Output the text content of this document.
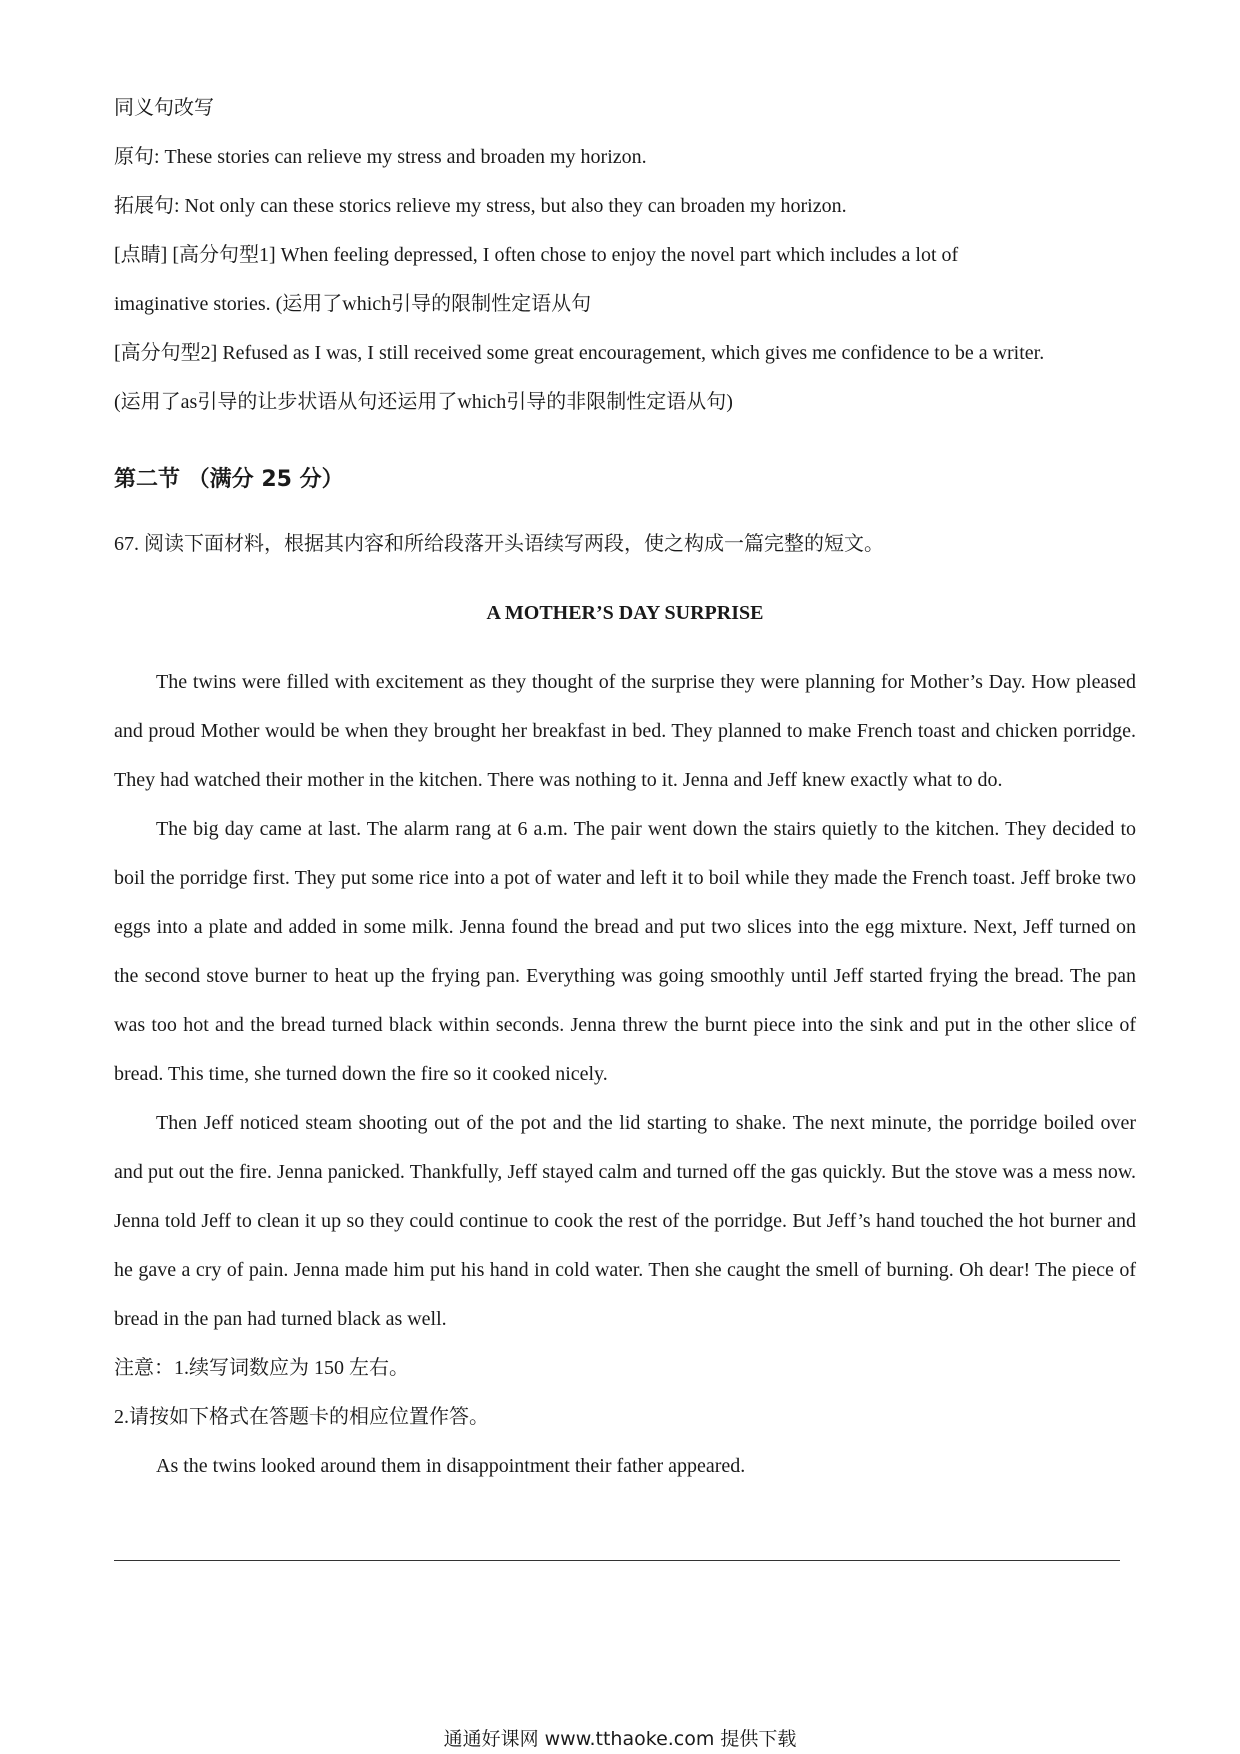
同义句改写

原句: These stories can relieve my stress and broaden my horizon.

拓展句: Not only can these storics relieve my stress, but also they can broaden my horizon.

[点睛] [高分句型1] When feeling depressed, I often chose to enjoy the novel part which includes a lot of

imaginative stories. (运用了which引导的限制性定语从句

[高分句型2] Refused as I was, I still received some great encouragement, which gives me confidence to be a writer.

(运用了as引导的让步状语从句还运用了which引导的非限制性定语从句)

第二节 （满分 25 分）

67. 阅读下面材料，根据其内容和所给段落开头语续写两段，使之构成一篇完整的短文。

A MOTHER’S DAY SURPRISE

The twins were filled with excitement as they thought of the surprise they were planning for Mother’s Day. How pleased and proud Mother would be when they brought her breakfast in bed. They planned to make French toast and chicken porridge. They had watched their mother in the kitchen. There was nothing to it. Jenna and Jeff knew exactly what to do.

The big day came at last. The alarm rang at 6 a.m. The pair went down the stairs quietly to the kitchen. They decided to boil the porridge first. They put some rice into a pot of water and left it to boil while they made the French toast. Jeff broke two eggs into a plate and added in some milk. Jenna found the bread and put two slices into the egg mixture. Next, Jeff turned on the second stove burner to heat up the frying pan. Everything was going smoothly until Jeff started frying the bread. The pan was too hot and the bread turned black within seconds. Jenna threw the burnt piece into the sink and put in the other slice of bread. This time, she turned down the fire so it cooked nicely.

Then Jeff noticed steam shooting out of the pot and the lid starting to shake. The next minute, the porridge boiled over and put out the fire. Jenna panicked. Thankfully, Jeff stayed calm and turned off the gas quickly. But the stove was a mess now. Jenna told Jeff to clean it up so they could continue to cook the rest of the porridge. But Jeff’s hand touched the hot burner and he gave a cry of pain. Jenna made him put his hand in cold water. Then she caught the smell of burning. Oh dear! The piece of bread in the pan had turned black as well.

注意：1.续写词数应为 150 左右。

2.请按如下格式在答题卡的相应位置作答。

As the twins looked around them in disappointment their father appeared.

通通好课网 www.tthaoke.com 提供下载
